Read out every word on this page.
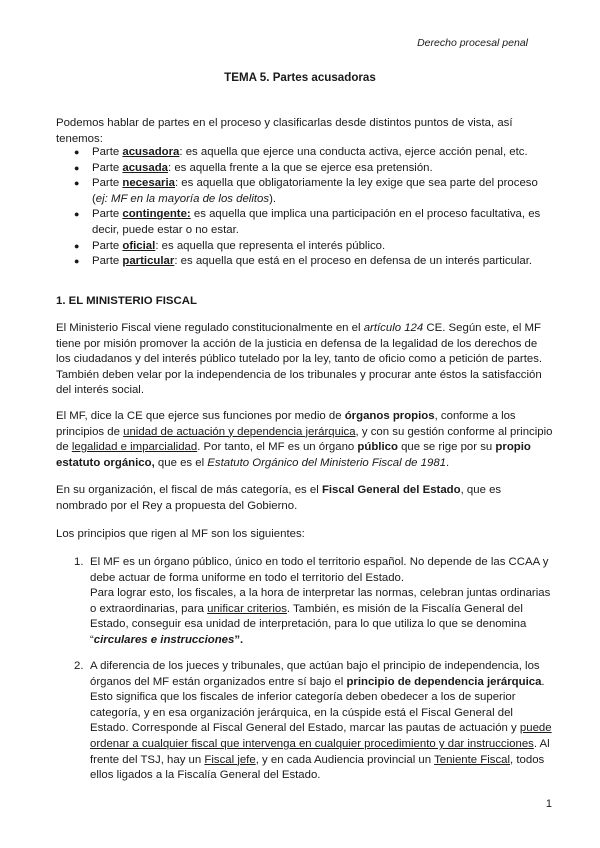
Derecho procesal penal
TEMA 5. Partes acusadoras

Podemos hablar de partes en el proceso y clasificarlas desde distintos puntos de vista, así tenemos:

● Parte acusadora: es aquella que ejerce una conducta activa, ejerce acción penal, etc.
● Parte acusada: es aquella frente a la que se ejerce esa pretensión.
● Parte necesaria: es aquella que obligatoriamente la ley exige que sea parte del proceso (ej: MF en la mayoría de los delitos).
● Parte contingente: es aquella que implica una participación en el proceso facultativa, es decir, puede estar o no estar.
● Parte oficial: es aquella que representa el interés público.
● Parte particular: es aquella que está en el proceso en defensa de un interés particular.
1. EL MINISTERIO FISCAL

El Ministerio Fiscal viene regulado constitucionalmente en el artículo 124 CE. Según este, el MF tiene por misión promover la acción de la justicia en defensa de la legalidad de los derechos de los ciudadanos y del interés público tutelado por la ley, tanto de oficio como a petición de partes. También deben velar por la independencia de los tribunales y procurar ante éstos la satisfacción del interés social.

El MF, dice la CE que ejerce sus funciones por medio de órganos propios, conforme a los principios de unidad de actuación y dependencia jerárquica, y con su gestión conforme al principio de legalidad e imparcialidad. Por tanto, el MF es un órgano público que se rige por su propio estatuto orgánico, que es el Estatuto Orgánico del Ministerio Fiscal de 1981.

En su organización, el fiscal de más categoría, es el Fiscal General del Estado, que es nombrado por el Rey a propuesta del Gobierno.

Los principios que rigen al MF son los siguientes:

1. El MF es un órgano público, único en todo el territorio español. No depende de las CCAA y debe actuar de forma uniforme en todo el territorio del Estado.
Para lograr esto, los fiscales, a la hora de interpretar las normas, celebran juntas ordinarias o extraordinarias, para unificar criterios. También, es misión de la Fiscalía General del Estado, conseguir esa unidad de interpretación, para lo que utiliza lo que se denomina “circulares e instrucciones”.
2. A diferencia de los jueces y tribunales, que actúan bajo el principio de independencia, los órganos del MF están organizados entre sí bajo el principio de dependencia jerárquica. Esto significa que los fiscales de inferior categoría deben obedecer a los de superior categoría, y en esa organización jerárquica, en la cúspide está el Fiscal General del Estado. Corresponde al Fiscal General del Estado, marcar las pautas de actuación y puede ordenar a cualquier fiscal que intervenga en cualquier procedimiento y dar instrucciones. Al frente del TSJ, hay un Fiscal jefe, y en cada Audiencia provincial un Teniente Fiscal, todos ellos ligados a la Fiscalía General del Estado.
1
